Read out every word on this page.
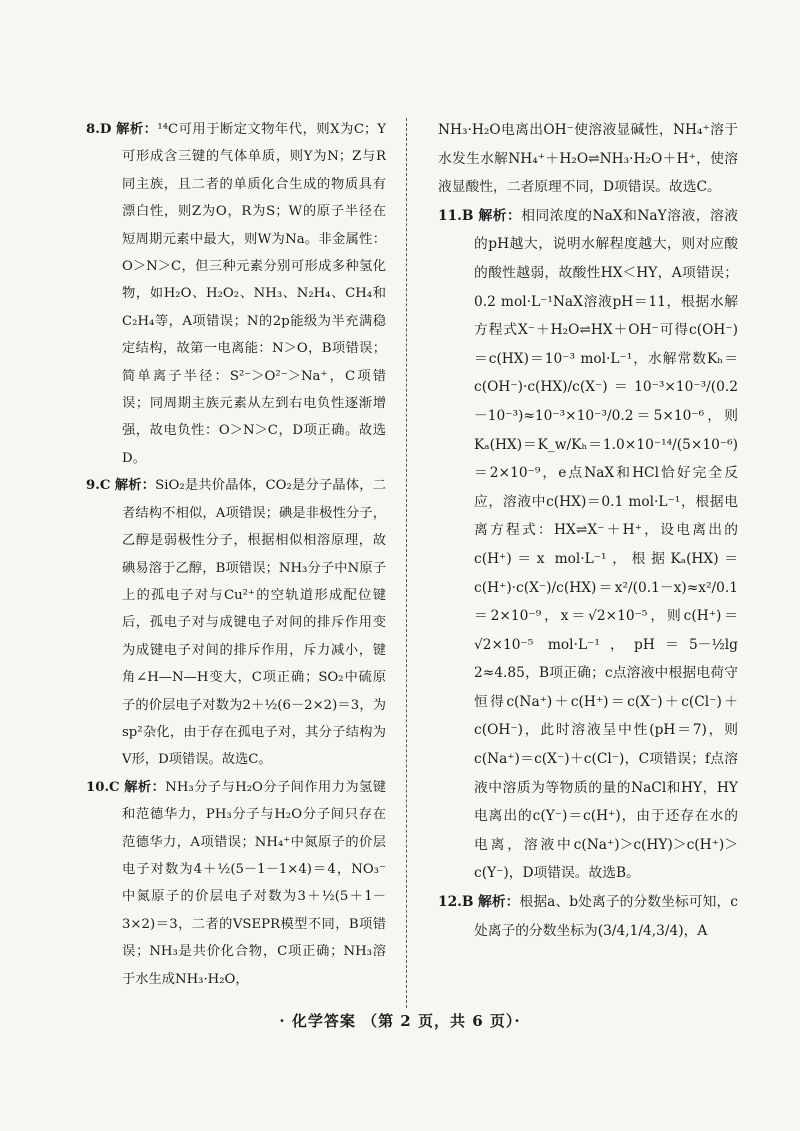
8.D 解析：¹⁴C可用于断定文物年代，则X为C；Y可形成含三键的气体单质，则Y为N；Z与R同主族，且二者的单质化合生成的物质具有漂白性，则Z为O，R为S；W的原子半径在短周期元素中最大，则W为Na。非金属性：O＞N＞C，但三种元素分别可形成多种氢化物，如H₂O、H₂O₂、NH₃、N₂H₄、CH₄和C₂H₄等，A项错误；N的2p能级为半充满稳定结构，故第一电离能：N＞O，B项错误；简单离子半径：S²⁻＞O²⁻＞Na⁺，C项错误；同周期主族元素从左到右电负性逐渐增强，故电负性：O＞N＞C，D项正确。故选D。

9.C 解析：SiO₂是共价晶体，CO₂是分子晶体，二者结构不相似，A项错误；碘是非极性分子，乙醇是弱极性分子，根据相似相溶原理，故碘易溶于乙醇，B项错误；NH₃分子中N原子上的孤电子对与Cu²⁺的空轨道形成配位键后，孤电子对与成键电子对间的排斥作用变为成键电子对间的排斥作用，斥力减小，键角∠H—N—H变大，C项正确；SO₂中硫原子的价层电子对数为2＋½(6－2×2)＝3，为sp²杂化，由于存在孤电子对，其分子结构为V形，D项错误。故选C。

10.C 解析：NH₃分子与H₂O分子间作用力为氢键和范德华力，PH₃分子与H₂O分子间只存在范德华力，A项错误；NH₄⁺中氮原子的价层电子对数为4＋½(5－1－1×4)＝4，NO₃⁻中氮原子的价层电子对数为3＋½(5＋1－3×2)＝3，二者的VSEPR模型不同，B项错误；NH₃是共价化合物，C项正确；NH₃溶于水生成NH₃·H₂O，

NH₃·H₂O电离出OH⁻使溶液显碱性，NH₄⁺溶于水发生水解NH₄⁺＋H₂O⇌NH₃·H₂O＋H⁺，使溶液显酸性，二者原理不同，D项错误。故选C。

11.B 解析：相同浓度的NaX和NaY溶液，溶液的pH越大，说明水解程度越大，则对应酸的酸性越弱，故酸性HX＜HY，A项错误；0.2 mol·L⁻¹NaX溶液pH＝11，根据水解方程式X⁻＋H₂O⇌HX＋OH⁻可得c(OH⁻)＝c(HX)＝10⁻³ mol·L⁻¹，水解常数Kₕ＝c(OH⁻)·c(HX)/c(X⁻)＝10⁻³×10⁻³/(0.2－10⁻³)≈10⁻³×10⁻³/0.2＝5×10⁻⁶，则Kₐ(HX)＝K_w/Kₕ＝1.0×10⁻¹⁴/(5×10⁻⁶)＝2×10⁻⁹，e点NaX和HCl恰好完全反应，溶液中c(HX)＝0.1 mol·L⁻¹，根据电离方程式：HX⇌X⁻＋H⁺，设电离出的c(H⁺)＝x mol·L⁻¹，根据Kₐ(HX)＝c(H⁺)·c(X⁻)/c(HX)＝x²/(0.1－x)≈x²/0.1＝2×10⁻⁹，x＝√2×10⁻⁵，则c(H⁺)＝√2×10⁻⁵ mol·L⁻¹，pH＝5－½lg 2≈4.85，B项正确；c点溶液中根据电荷守恒得c(Na⁺)＋c(H⁺)＝c(X⁻)＋c(Cl⁻)＋c(OH⁻)，此时溶液呈中性(pH＝7)，则c(Na⁺)＝c(X⁻)＋c(Cl⁻)，C项错误；f点溶液中溶质为等物质的量的NaCl和HY，HY电离出的c(Y⁻)＝c(H⁺)，由于还存在水的电离，溶液中c(Na⁺)＞c(HY)＞c(H⁺)＞c(Y⁻)，D项错误。故选B。

12.B 解析：根据a、b处离子的分数坐标可知，c处离子的分数坐标为(3/4,1/4,3/4)，A

· 化学答案 （第 2 页，共 6 页）·
